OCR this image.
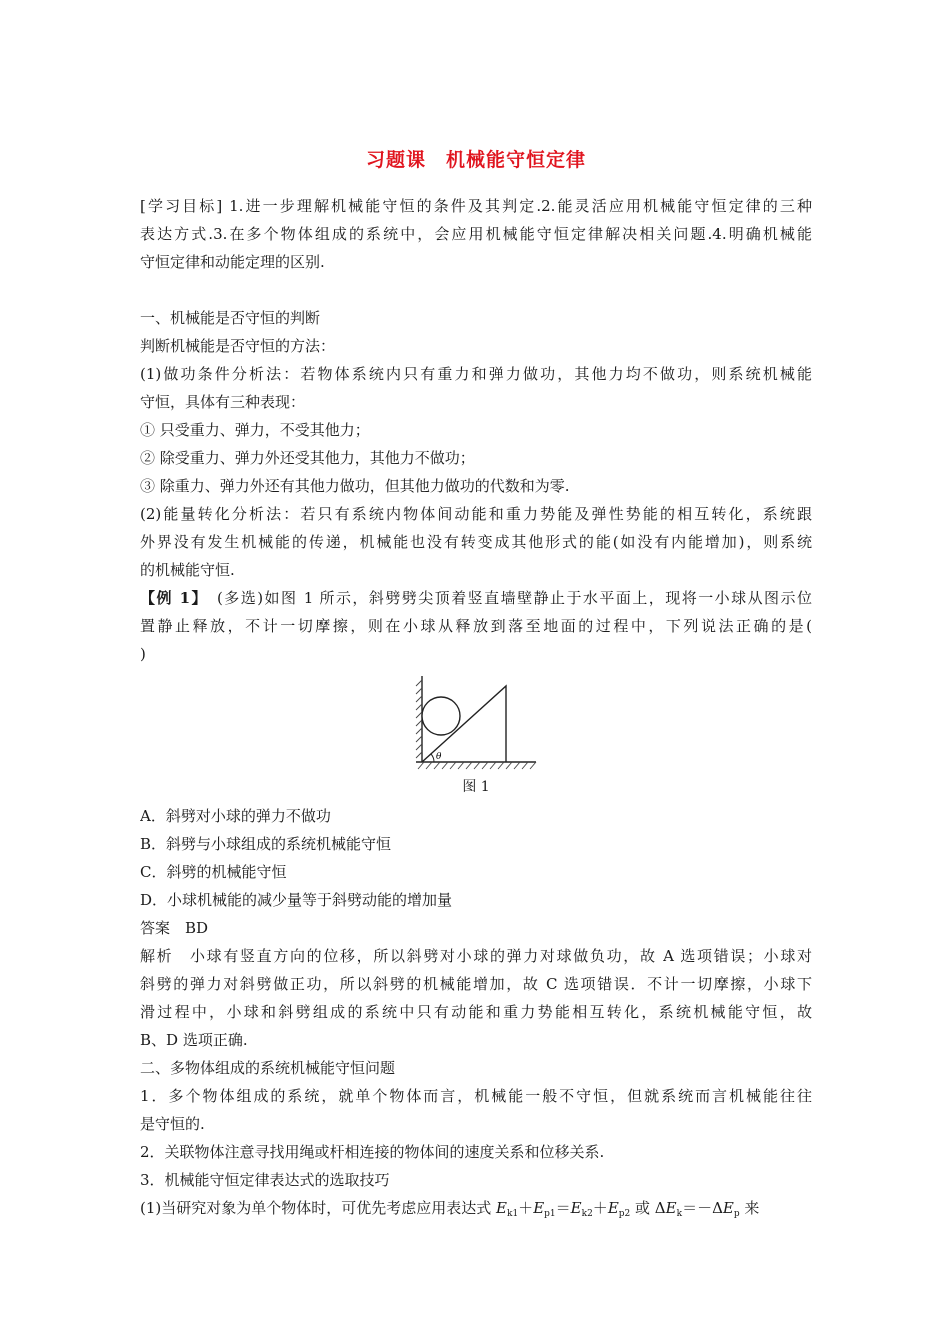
习题课　机械能守恒定律
[学习目标] 1.进一步理解机械能守恒的条件及其判定.2.能灵活应用机械能守恒定律的三种
表达方式.3.在多个物体组成的系统中，会应用机械能守恒定律解决相关问题.4.明确机械能
守恒定律和动能定理的区别.
一、机械能是否守恒的判断
判断机械能是否守恒的方法：
(1)做功条件分析法：若物体系统内只有重力和弹力做功，其他力均不做功，则系统机械能
守恒，具体有三种表现：
① 只受重力、弹力，不受其他力；
② 除受重力、弹力外还受其他力，其他力不做功；
③ 除重力、弹力外还有其他力做功，但其他力做功的代数和为零.
(2)能量转化分析法：若只有系统内物体间动能和重力势能及弹性势能的相互转化，系统跟
外界没有发生机械能的传递，机械能也没有转变成其他形式的能(如没有内能增加)，则系统
的机械能守恒.
【例 1】　(多选)如图 1 所示，斜劈劈尖顶着竖直墙壁静止于水平面上，现将一小球从图示位
置静止释放，不计一切摩擦，则在小球从释放到落至地面的过程中，下列说法正确的是(
)
θ
图 1
A．斜劈对小球的弹力不做功
B．斜劈与小球组成的系统机械能守恒
C．斜劈的机械能守恒
D．小球机械能的减少量等于斜劈动能的增加量
答案　BD
解析　小球有竖直方向的位移，所以斜劈对小球的弹力对球做负功，故 A 选项错误；小球对
斜劈的弹力对斜劈做正功，所以斜劈的机械能增加，故 C 选项错误．不计一切摩擦，小球下
滑过程中，小球和斜劈组成的系统中只有动能和重力势能相互转化，系统机械能守恒，故
B、D 选项正确.
二、多物体组成的系统机械能守恒问题
1．多个物体组成的系统，就单个物体而言，机械能一般不守恒，但就系统而言机械能往往
是守恒的.
2．关联物体注意寻找用绳或杆相连接的物体间的速度关系和位移关系.
3．机械能守恒定律表达式的选取技巧
(1)当研究对象为单个物体时，可优先考虑应用表达式 $E_{k1}+E_{p1}=E_{k2}+E_{p2}$ 或 $\Delta E_k=-\Delta E_p$ 来
